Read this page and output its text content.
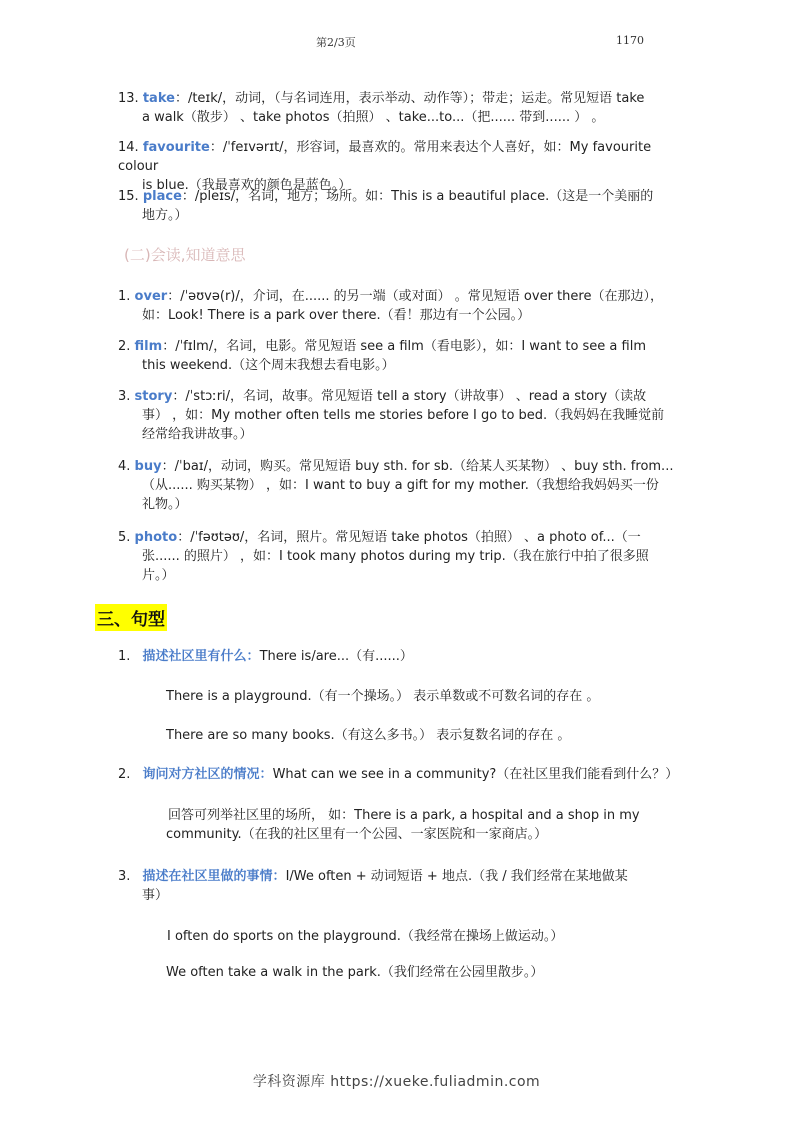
第2/3页	1170
13. take：/teɪk/，动词，（与名词连用，表示举动、动作等）；带走；运走。常见短语 take
a walk（散步） 、take photos（拍照） 、take...to...（把...... 带到...... ） 。
14. favourite：/ˈfeɪvərɪt/，形容词，最喜欢的。常用来表达个人喜好，如：My favourite colour
is blue.（我最喜欢的颜色是蓝色。）
15. place：/pleɪs/，名词，地方；场所。如：This is a beautiful place.（这是一个美丽的
地方。）
(二)会读,知道意思
1. over：/ˈəʊvə(r)/，介词，在...... 的另一端（或对面） 。常见短语 over there（在那边），
如：Look! There is a park over there.（看！那边有一个公园。）
2. film：/ˈfɪlm/，名词，电影。常见短语 see a film（看电影），如：I want to see a film
this weekend.（这个周末我想去看电影。）
3. story：/ˈstɔːri/，名词，故事。常见短语 tell a story（讲故事） 、read a story（读故
事） ，如：My mother often tells me stories before I go to bed.（我妈妈在我睡觉前
经常给我讲故事。）
4. buy：/ˈbaɪ/，动词，购买。常见短语 buy sth. for sb.（给某人买某物） 、buy sth. from...
（从...... 购买某物） ，如：I want to buy a gift for my mother.（我想给我妈妈买一份
礼物。）
5. photo：/ˈfəʊtəʊ/，名词，照片。常见短语 take photos（拍照） 、a photo of...（一
张...... 的照片） ，如：I took many photos during my trip.（我在旅行中拍了很多照
片。）
三、句型
1. 描述社区里有什么：There is/are...（有......）
There is a playground.（有一个操场。） 表示单数或不可数名词的存在 。
There are so many books.（有这么多书。） 表示复数名词的存在 。
2. 询问对方社区的情况：What can we see in a community?（在社区里我们能看到什么？）
回答可列举社区里的场所， 如：There is a park, a hospital and a shop in my
community.（在我的社区里有一个公园、一家医院和一家商店。）
3. 描述在社区里做的事情：I/We often + 动词短语 + 地点.（我 / 我们经常在某地做某
事）
I often do sports on the playground.（我经常在操场上做运动。）
We often take a walk in the park.（我们经常在公园里散步。）
学科资源库 https://xueke.fuliadmin.com
